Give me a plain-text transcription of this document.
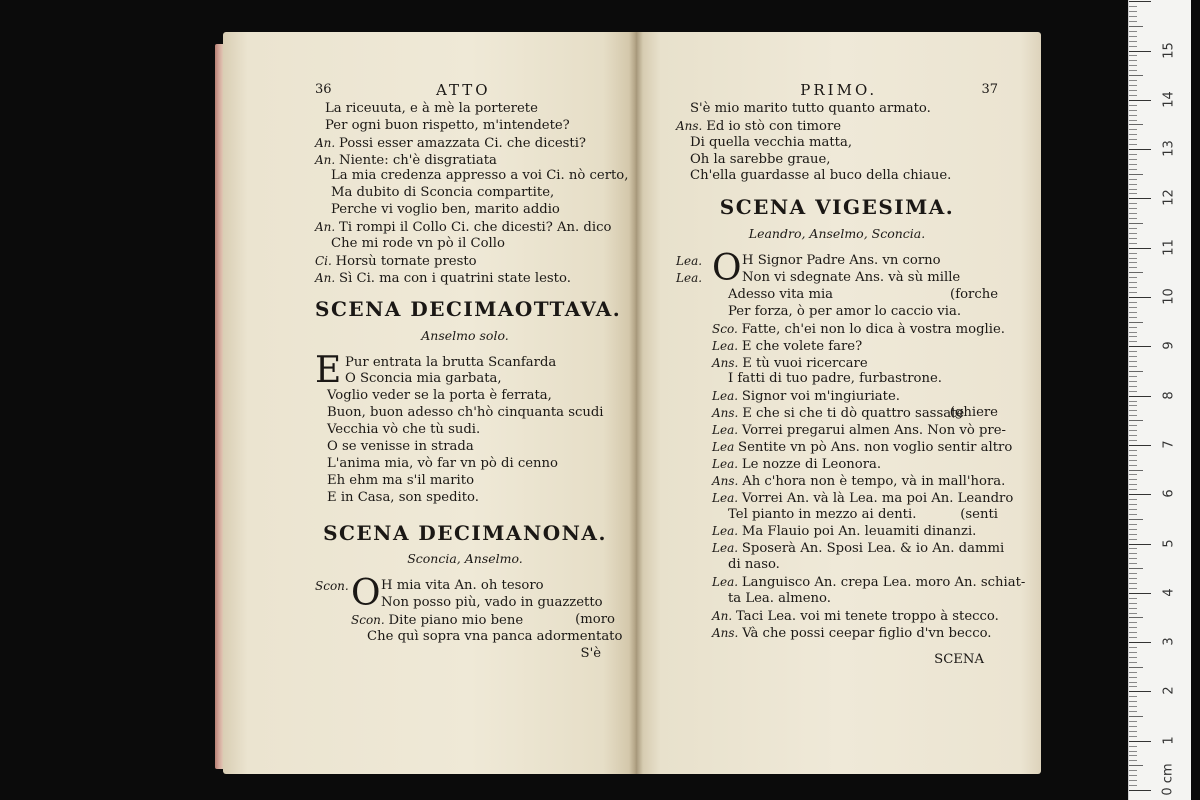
36	ATTO
La riceuuta, e à mè la porterete
Per ogni buon rispetto, m'intendete?
An. Possi esser amazzata Ci. che dicesti?
An. Niente: ch'è disgratiata
La mia credenza appresso a voi Ci. nò certo,
Ma dubito di Sconcia compartite,
Perche vi voglio ben, marito addio
An. Ti rompi il Collo Ci. che dicesti? An. dico
Che mi rode vn pò il Collo
Ci. Horsù tornate presto
An. Sì Ci. ma con i quatrini state lesto.
SCENA DECIMAOTTAVA.
Anselmo solo.
E Pur entrata la brutta Scanfarda
O Sconcia mia garbata,
Voglio veder se la porta è ferrata,
Buon, buon adesso ch'hò cinquanta scudi
Vecchia vò che tù sudi.
O se venisse in strada
L'anima mia, vò far vn pò di cenno
Eh ehm ma s'il marito
E in Casa, son spedito.
SCENA DECIMANONA.
Sconcia, Anselmo.
Scon. O H mia vita An. oh tesoro
Non posso più, vado in guazzetto
Scon. Dite piano mio bene	(moro
Che quì sopra vna panca adormentato
S'è
PRIMO.	37
S'è mio marito tutto quanto armato.
Ans. Ed io stò con timore
Di quella vecchia matta,
Oh la sarebbe graue,
Ch'ella guardasse al buco della chiaue.
SCENA VIGESIMA.
Leandro, Anselmo, Sconcia.
Lea. O H Signor Padre Ans. vn corno
Lea.	Non vi sdegnate Ans. và sù mille
Adesso vita mia	(forche
Per forza, ò per amor lo caccio via.
Sco. Fatte, ch'ei non lo dica à vostra moglie.
Lea. E che volete fare?
Ans. E tù vuoi ricercare
I fatti di tuo padre, furbastrone.
Lea. Signor voi m'ingiuriate.
Ans. E che si che ti dò quattro sassate
(ghiere
Lea. Vorrei pregarui almen Ans. Non vò pre-
Lea Sentite vn pò Ans. non voglio sentir altro
Lea. Le nozze di Leonora.
Ans. Ah c'hora non è tempo, và in mall'hora.
Lea. Vorrei An. và là Lea. ma poi An. Leandro
Tel pianto in mezzo ai denti.	(senti
Lea. Ma Flauio poi An. leuamiti dinanzi.
Lea. Sposerà An. Sposi Lea. & io An. dammi
di naso.
Lea. Languisco An. crepa Lea. moro An. schiat-
ta Lea. almeno.
An. Taci Lea. voi mi tenete troppo à stecco.
Ans. Và che possi ceepar figlio d'vn becco.
SCENA
0 cm
1
2
3
4
5
6
7
8
9
10
11
12
13
14
15
